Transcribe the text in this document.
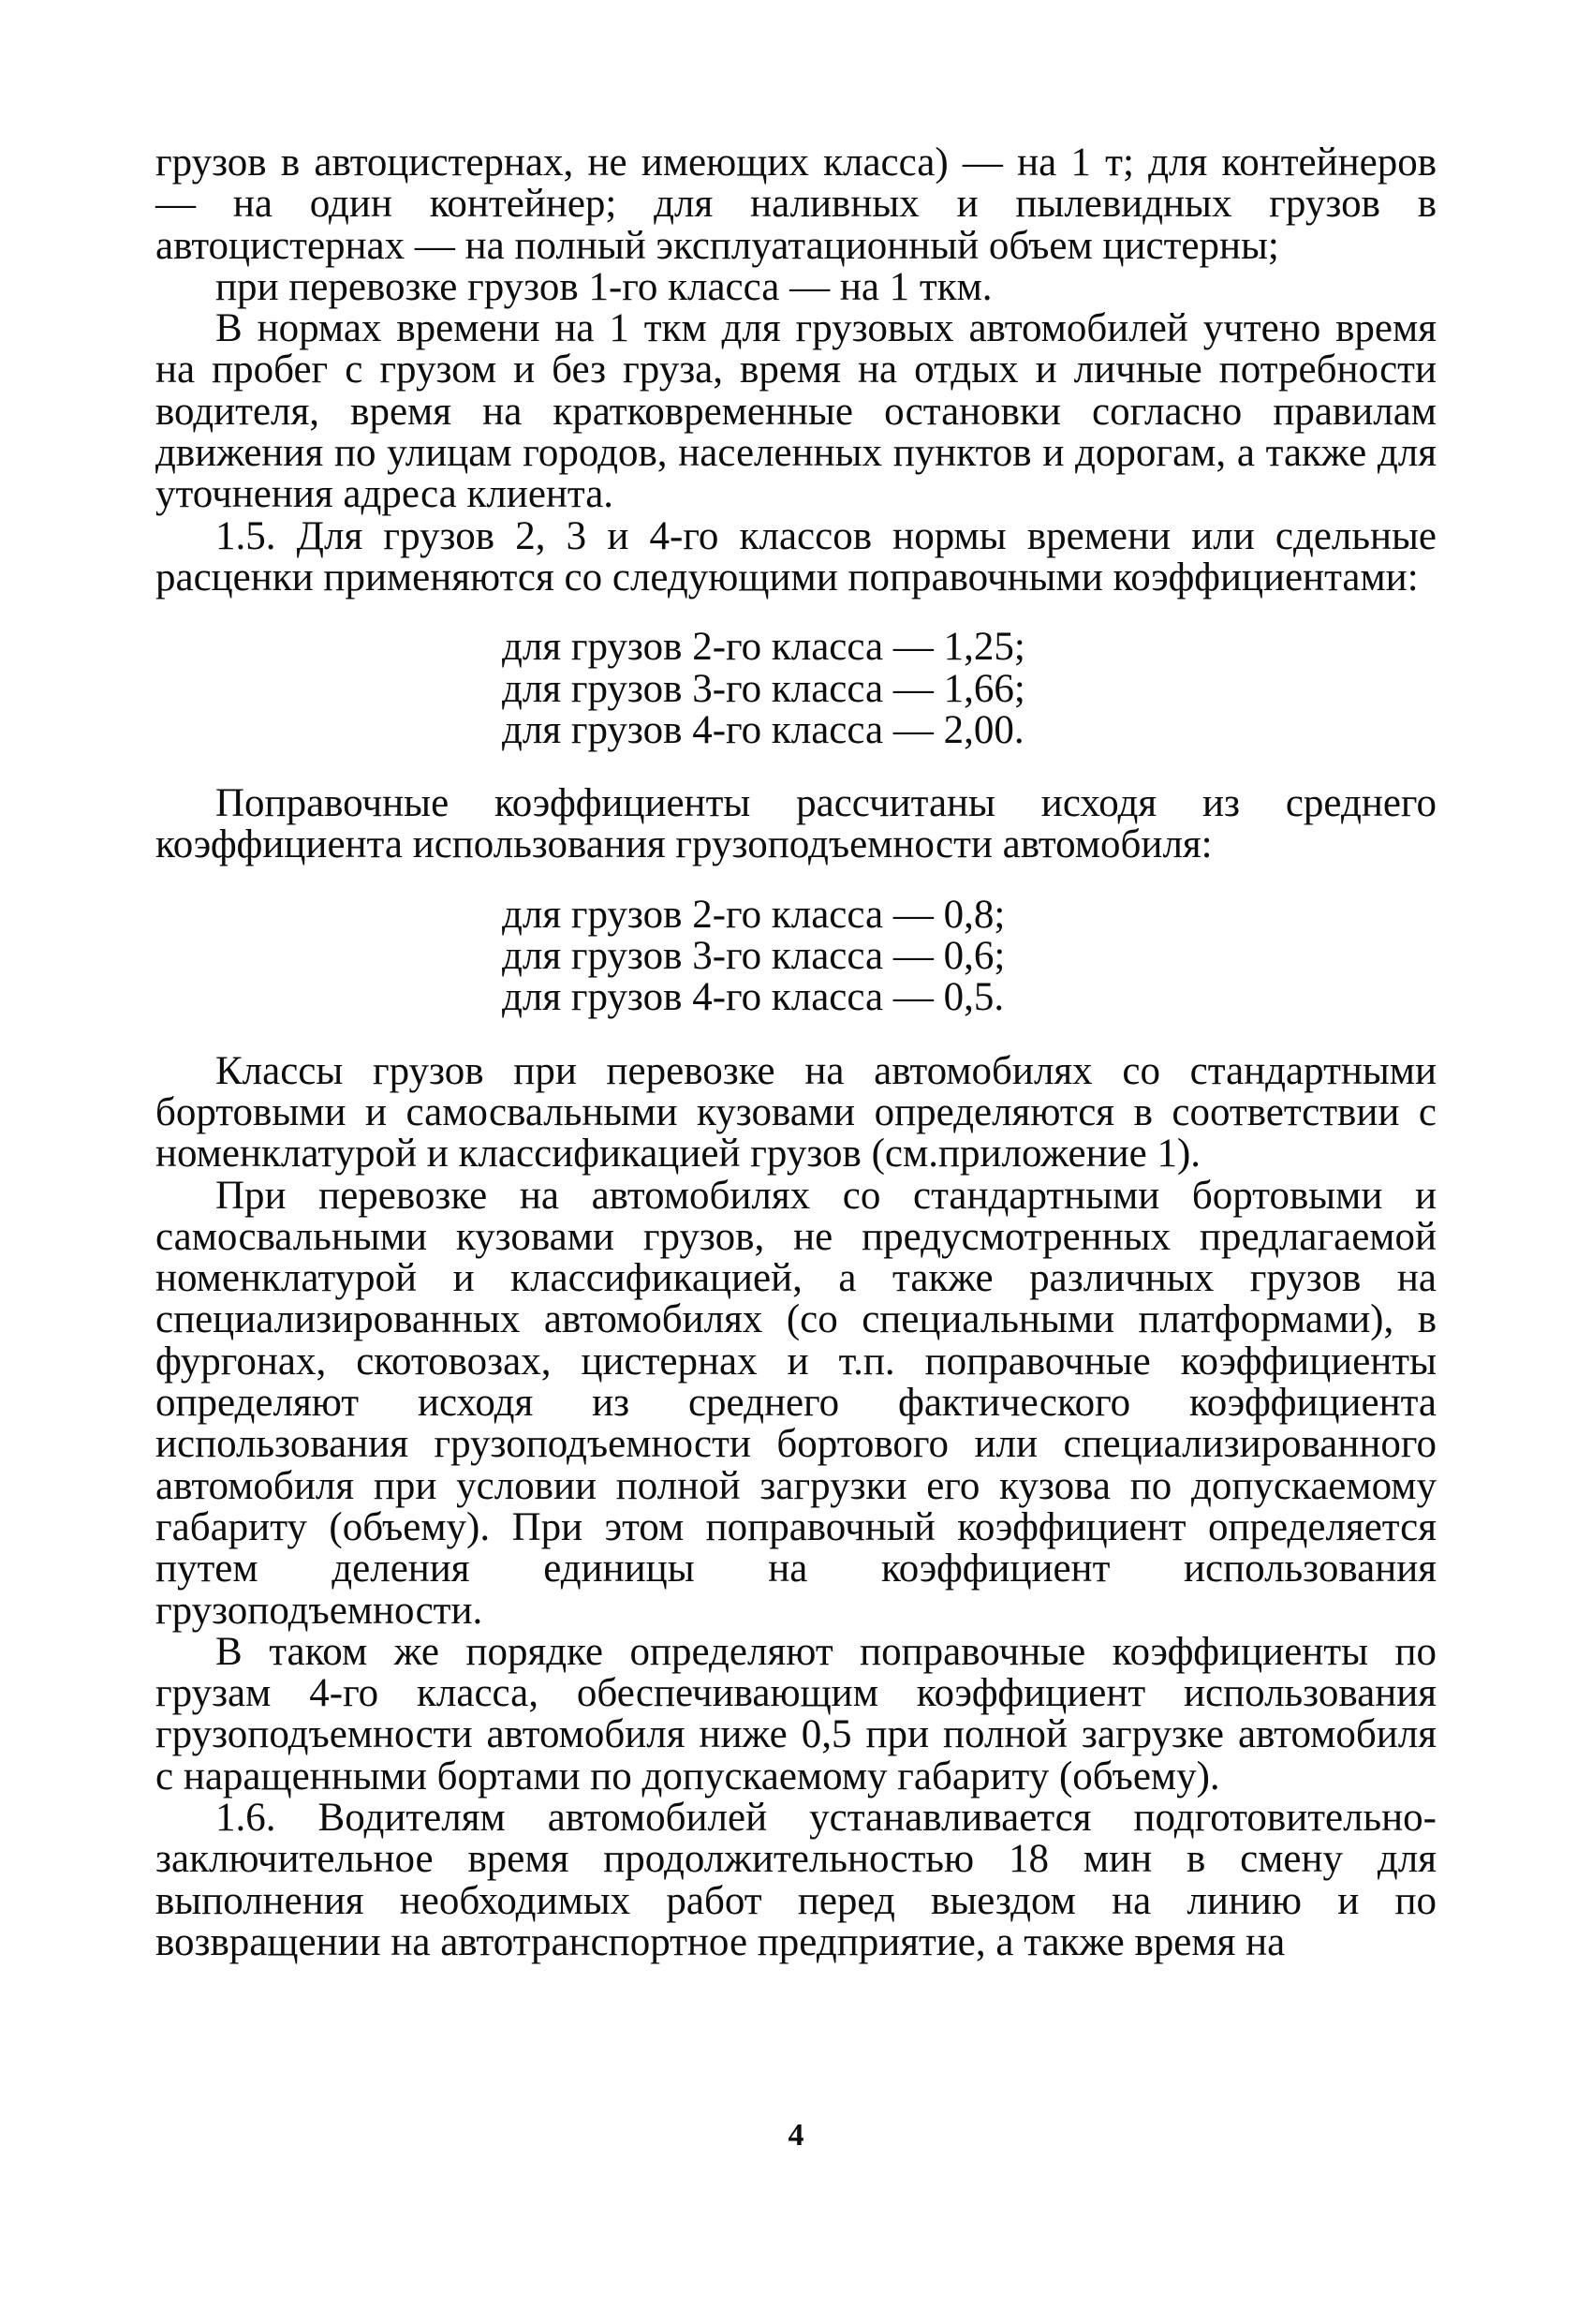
грузов в автоцистернах, не имеющих класса) — на 1 т; для контейнеров — на один контейнер; для наливных и пылевидных грузов в автоцистернах — на полный эксплуатационный объем цистерны;

при перевозке грузов 1-го класса — на 1 ткм.

В нормах времени на 1 ткм для грузовых автомобилей учтено время на пробег с грузом и без груза, время на отдых и личные потребности водителя, время на кратковременные остановки согласно правилам движения по улицам городов, населенных пунктов и дорогам, а также для уточнения адреса клиента.

1.5. Для грузов 2, 3 и 4-го классов нормы времени или сдельные расценки применяются со следующими поправочными коэффициентами:

для грузов 2-го класса — 1,25;
для грузов 3-го класса — 1,66;
для грузов 4-го класса — 2,00.

Поправочные коэффициенты рассчитаны исходя из среднего коэффициента использования грузоподъемности автомобиля:

для грузов 2-го класса — 0,8;
для грузов 3-го класса — 0,6;
для грузов 4-го класса — 0,5.

Классы грузов при перевозке на автомобилях со стандартными бортовыми и самосвальными кузовами определяются в соответствии с номенклатурой и классификацией грузов (см.приложение 1).

При перевозке на автомобилях со стандартными бортовыми и самосвальными кузовами грузов, не предусмотренных предлагаемой номенклатурой и классификацией, а также различных грузов на специализированных автомобилях (со специальными платформами), в фургонах, скотовозах, цистернах и т.п. поправочные коэффициенты определяют исходя из среднего фактического коэффициента использования грузоподъемности бортового или специализированного автомобиля при условии полной загрузки его кузова по допускаемому габариту (объему). При этом поправочный коэффициент определяется путем деления единицы на коэффициент использования грузоподъемности.

В таком же порядке определяют поправочные коэффициенты по грузам 4-го класса, обеспечивающим коэффициент использования грузоподъемности автомобиля ниже 0,5 при полной загрузке автомобиля с наращенными бортами по допускаемому габариту (объему).

1.6. Водителям автомобилей устанавливается подготовительно-заключительное время продолжительностью 18 мин в смену для выполнения необходимых работ перед выездом на линию и по возвращении на автотранспортное предприятие, а также время на

4
